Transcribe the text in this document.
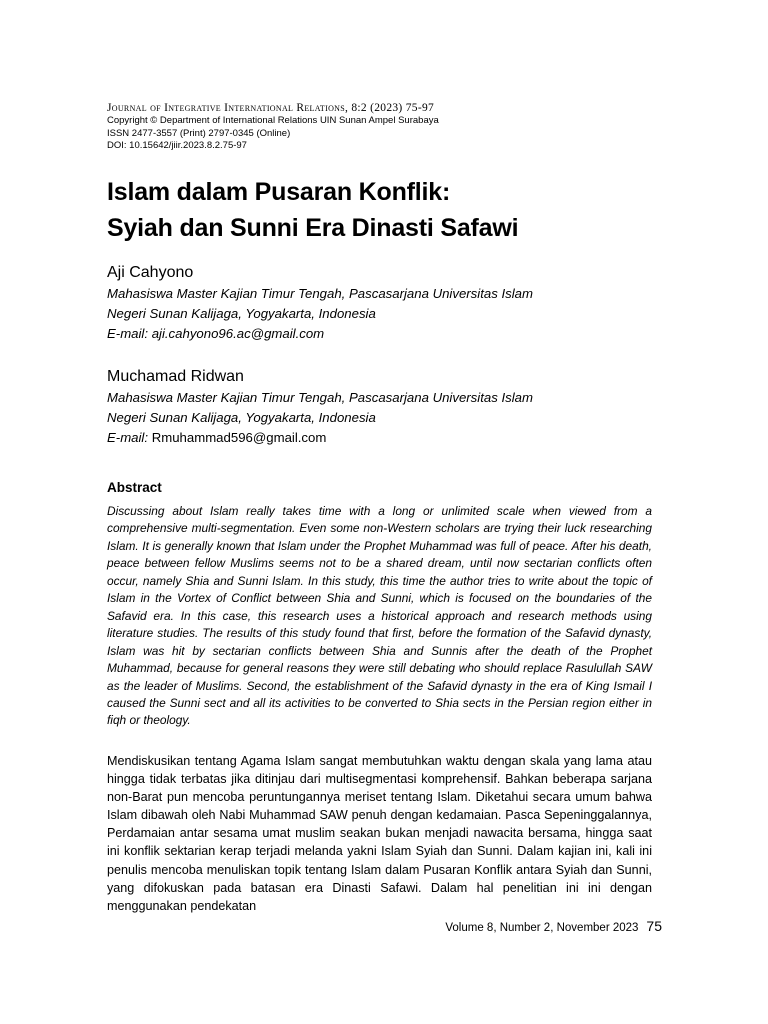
Journal of Integrative International Relations, 8:2 (2023) 75-97
Copyright © Department of International Relations UIN Sunan Ampel Surabaya
ISSN 2477-3557 (Print) 2797-0345 (Online)
DOI: 10.15642/jiir.2023.8.2.75-97
Islam dalam Pusaran Konflik:
Syiah dan Sunni Era Dinasti Safawi
Aji Cahyono
Mahasiswa Master Kajian Timur Tengah, Pascasarjana Universitas Islam
Negeri Sunan Kalijaga, Yogyakarta, Indonesia
E-mail: aji.cahyono96.ac@gmail.com
Muchamad Ridwan
Mahasiswa Master Kajian Timur Tengah, Pascasarjana Universitas Islam
Negeri Sunan Kalijaga, Yogyakarta, Indonesia
E-mail: Rmuhammad596@gmail.com
Abstract

Discussing about Islam really takes time with a long or unlimited scale when viewed from a comprehensive multi-segmentation. Even some non-Western scholars are trying their luck researching Islam. It is generally known that Islam under the Prophet Muhammad was full of peace. After his death, peace between fellow Muslims seems not to be a shared dream, until now sectarian conflicts often occur, namely Shia and Sunni Islam. In this study, this time the author tries to write about the topic of Islam in the Vortex of Conflict between Shia and Sunni, which is focused on the boundaries of the Safavid era. In this case, this research uses a historical approach and research methods using literature studies. The results of this study found that first, before the formation of the Safavid dynasty, Islam was hit by sectarian conflicts between Shia and Sunnis after the death of the Prophet Muhammad, because for general reasons they were still debating who should replace Rasulullah SAW as the leader of Muslims. Second, the establishment of the Safavid dynasty in the era of King Ismail I caused the Sunni sect and all its activities to be converted to Shia sects in the Persian region either in fiqh or theology.

Mendiskusikan tentang Agama Islam sangat membutuhkan waktu dengan skala yang lama atau hingga tidak terbatas jika ditinjau dari multisegmentasi komprehensif. Bahkan beberapa sarjana non-Barat pun mencoba peruntungannya meriset tentang Islam. Diketahui secara umum bahwa Islam dibawah oleh Nabi Muhammad SAW penuh dengan kedamaian. Pasca Sepeninggalannya, Perdamaian antar sesama umat muslim seakan bukan menjadi nawacita bersama, hingga saat ini konflik sektarian kerap terjadi melanda yakni Islam Syiah dan Sunni. Dalam kajian ini, kali ini penulis mencoba menuliskan topik tentang Islam dalam Pusaran Konflik antara Syiah dan Sunni, yang difokuskan pada batasan era Dinasti Safawi. Dalam hal penelitian ini ini dengan menggunakan pendekatan

Volume 8, Number 2, November 2023 75
